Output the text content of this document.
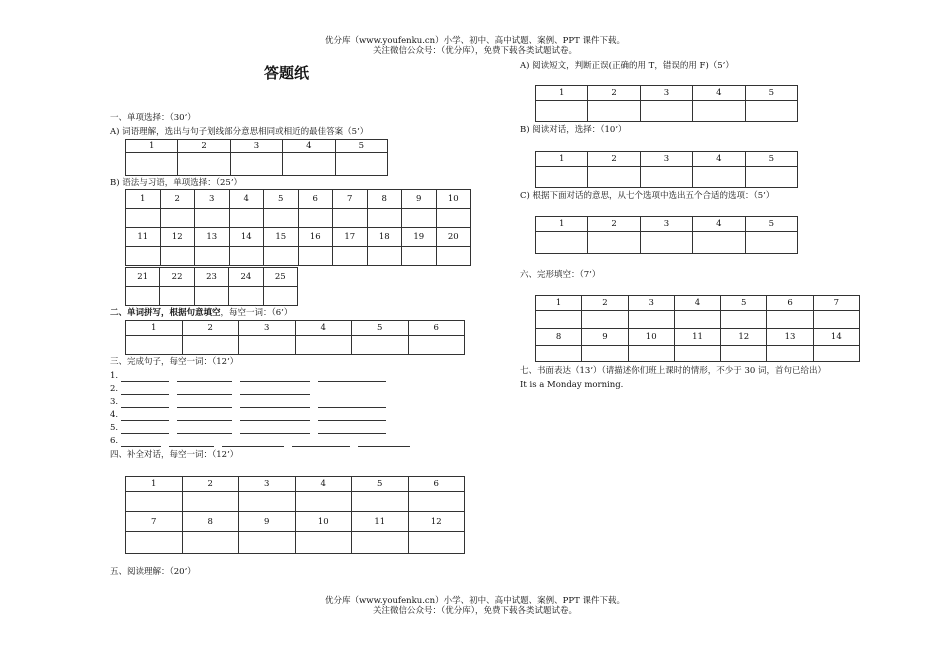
优分库（www.youfenku.cn）小学、初中、高中试题、案例、PPT 课件下载。
关注微信公众号：（优分库），免费下载各类试题试卷。
答题纸
一、单项选择：（30’）
A) 词语理解，选出与句子划线部分意思相同或相近的最佳答案（5’）
1	2	3	4	5

B) 语法与习语，单项选择：（25’）
1	2	3	4	5	6	7	8	9	10

11	12	13	14	15	16	17	18	19	20

21	22	23	24	25

二、单词拼写，根据句意填空，每空一词：（6’）
1	2	3	4	5	6

三、完成句子，每空一词：（12’）
1.
2.
3.
4.
5.
6.
四、补全对话，每空一词：（12’）
1	2	3	4	5	6

7	8	9	10	11	12

五、阅读理解：（20’）
A) 阅读短文，判断正误(正确的用 T，错误的用 F)（5’）
1	2	3	4	5

B) 阅读对话，选择：（10’）
1	2	3	4	5

C) 根据下面对话的意思，从七个选项中选出五个合适的选项：（5’）
1	2	3	4	5

六、完形填空：（7’）
1	2	3	4	5	6	7

8	9	10	11	12	13	14

七、书面表达（13’）（请描述你们班上课时的情形，不少于 30 词，首句已给出）
It is a Monday morning.
优分库（www.youfenku.cn）小学、初中、高中试题、案例、PPT 课件下载。
关注微信公众号：（优分库），免费下载各类试题试卷。
